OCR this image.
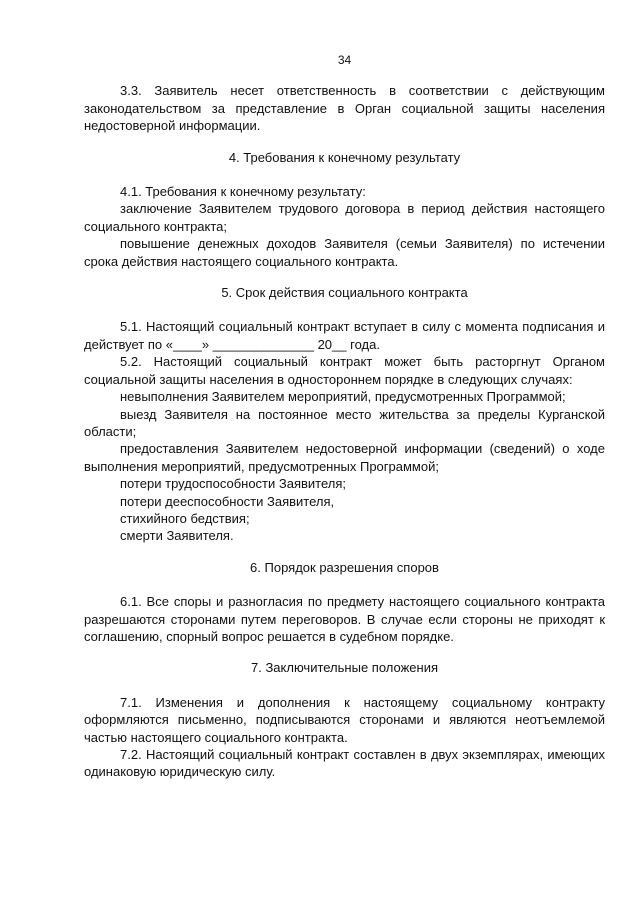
34

3.3. Заявитель несет ответственность в соответствии с действующим законодательством за представление в Орган социальной защиты населения недостоверной информации.

4. Требования к конечному результату

4.1. Требования к конечному результату:

заключение Заявителем трудового договора в период действия настоящего социального контракта;

повышение денежных доходов Заявителя (семьи Заявителя) по истечении срока действия настоящего социального контракта.

5. Срок действия социального контракта

5.1. Настоящий социальный контракт вступает в силу с момента подписания и действует по «____» ______________ 20__ года.

5.2. Настоящий социальный контракт может быть расторгнут Органом социальной защиты населения в одностороннем порядке в следующих случаях:

невыполнения Заявителем мероприятий, предусмотренных Программой;

выезд Заявителя на постоянное место жительства за пределы Курганской области;

предоставления Заявителем недостоверной информации (сведений) о ходе выполнения мероприятий, предусмотренных Программой;

потери трудоспособности Заявителя;

потери дееспособности Заявителя,

стихийного бедствия;

смерти Заявителя.

6. Порядок разрешения споров

6.1. Все споры и разногласия по предмету настоящего социального контракта разрешаются сторонами путем переговоров. В случае если стороны не приходят к соглашению, спорный вопрос решается в судебном порядке.

7. Заключительные положения

7.1. Изменения и дополнения к настоящему социальному контракту оформляются письменно, подписываются сторонами и являются неотъемлемой частью настоящего социального контракта.

7.2. Настоящий социальный контракт составлен в двух экземплярах, имеющих одинаковую юридическую силу.
